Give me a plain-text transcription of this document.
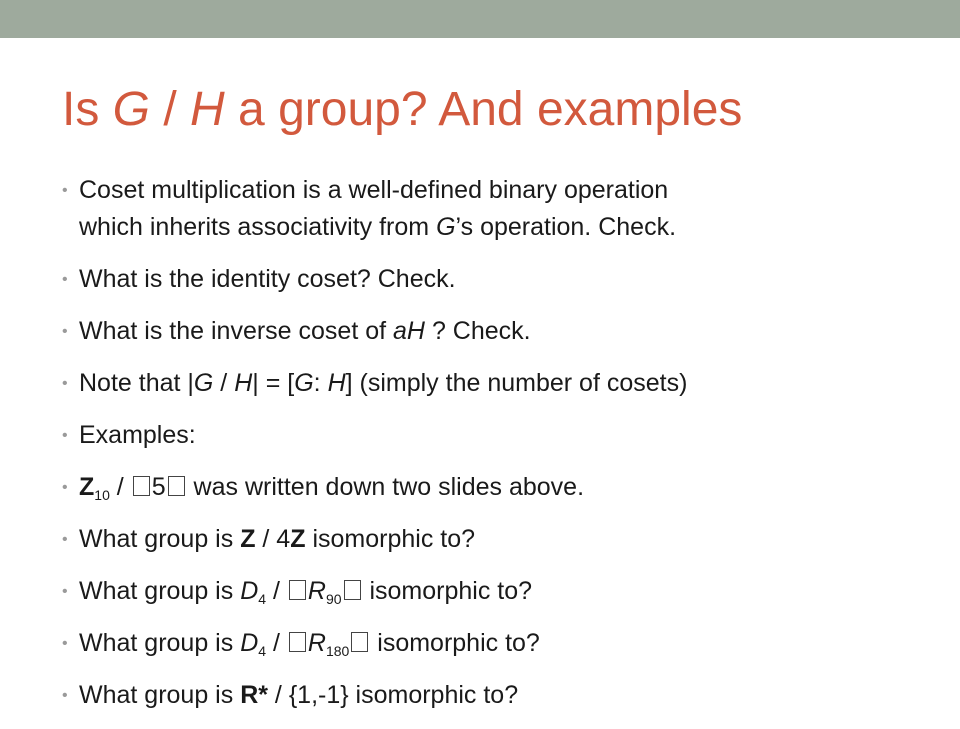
Is G / H a group? And examples
• Coset multiplication is a well-defined binary operation
which inherits associativity from G’s operation. Check.
• What is the identity coset? Check.
• What is the inverse coset of aH ? Check.
• Note that |G / H| = [G: H] (simply the number of cosets)
• Examples:
• $Z_{10} / 5$ was written down two slides above.
• What group is Z / 4Z isomorphic to?
• What group is $D_4 / R_{90}$ isomorphic to?
• What group is $D_4 / R_{180}$ isomorphic to?
• What group is R* / {1,-1} isomorphic to?
